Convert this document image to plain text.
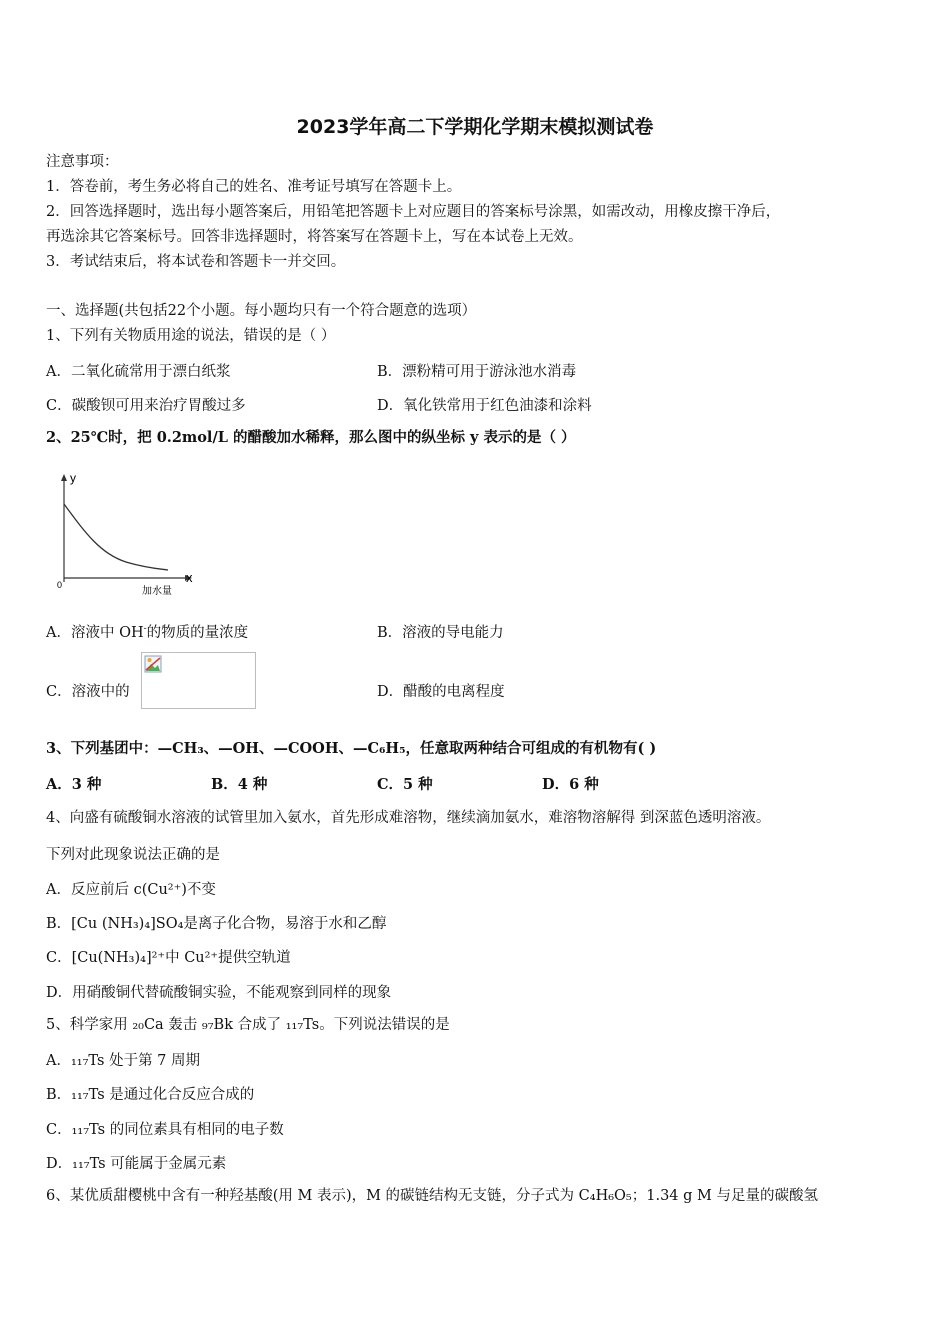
2023学年高二下学期化学期末模拟测试卷
注意事项：
1．答卷前，考生务必将自己的姓名、准考证号填写在答题卡上。
2．回答选择题时，选出每小题答案后，用铅笔把答题卡上对应题目的答案标号涂黑，如需改动，用橡皮擦干净后，
再选涂其它答案标号。回答非选择题时，将答案写在答题卡上，写在本试卷上无效。
3．考试结束后，将本试卷和答题卡一并交回。
一、选择题(共包括22个小题。每小题均只有一个符合题意的选项）
1、下列有关物质用途的说法，错误的是（ ）
A．二氧化硫常用于漂白纸浆	B．漂粉精可用于游泳池水消毒
C．碳酸钡可用来治疗胃酸过多	D．氧化铁常用于红色油漆和涂料
2、25℃时，把 0.2mol/L 的醋酸加水稀释，那么图中的纵坐标 y 表示的是（ ）
y
x
0
加水量
A．溶液中 OH-的物质的量浓度	B．溶液的导电能力
C．溶液中的	D．醋酸的电离程度
3、下列基团中：—CH₃、—OH、—COOH、—C₆H₅，任意取两种结合可组成的有机物有( )
A．3 种	B．4 种	C．5 种	D．6 种
4、向盛有硫酸铜水溶液的试管里加入氨水，首先形成难溶物，继续滴加氨水，难溶物溶解得 到深蓝色透明溶液。
下列对此现象说法正确的是
A．反应前后 c(Cu²⁺)不变
B．[Cu (NH₃)₄]SO₄是离子化合物，易溶于水和乙醇
C．[Cu(NH₃)₄]²⁺中 Cu²⁺提供空轨道
D．用硝酸铜代替硫酸铜实验，不能观察到同样的现象
5、科学家用 ₂₀Ca 轰击 ₉₇Bk 合成了 ₁₁₇Ts。下列说法错误的是
A．₁₁₇Ts 处于第 7 周期
B．₁₁₇Ts 是通过化合反应合成的
C．₁₁₇Ts 的同位素具有相同的电子数
D．₁₁₇Ts 可能属于金属元素
6、某优质甜樱桃中含有一种羟基酸(用 M 表示)，M 的碳链结构无支链，分子式为 C₄H₆O₅；1.34 g M 与足量的碳酸氢
